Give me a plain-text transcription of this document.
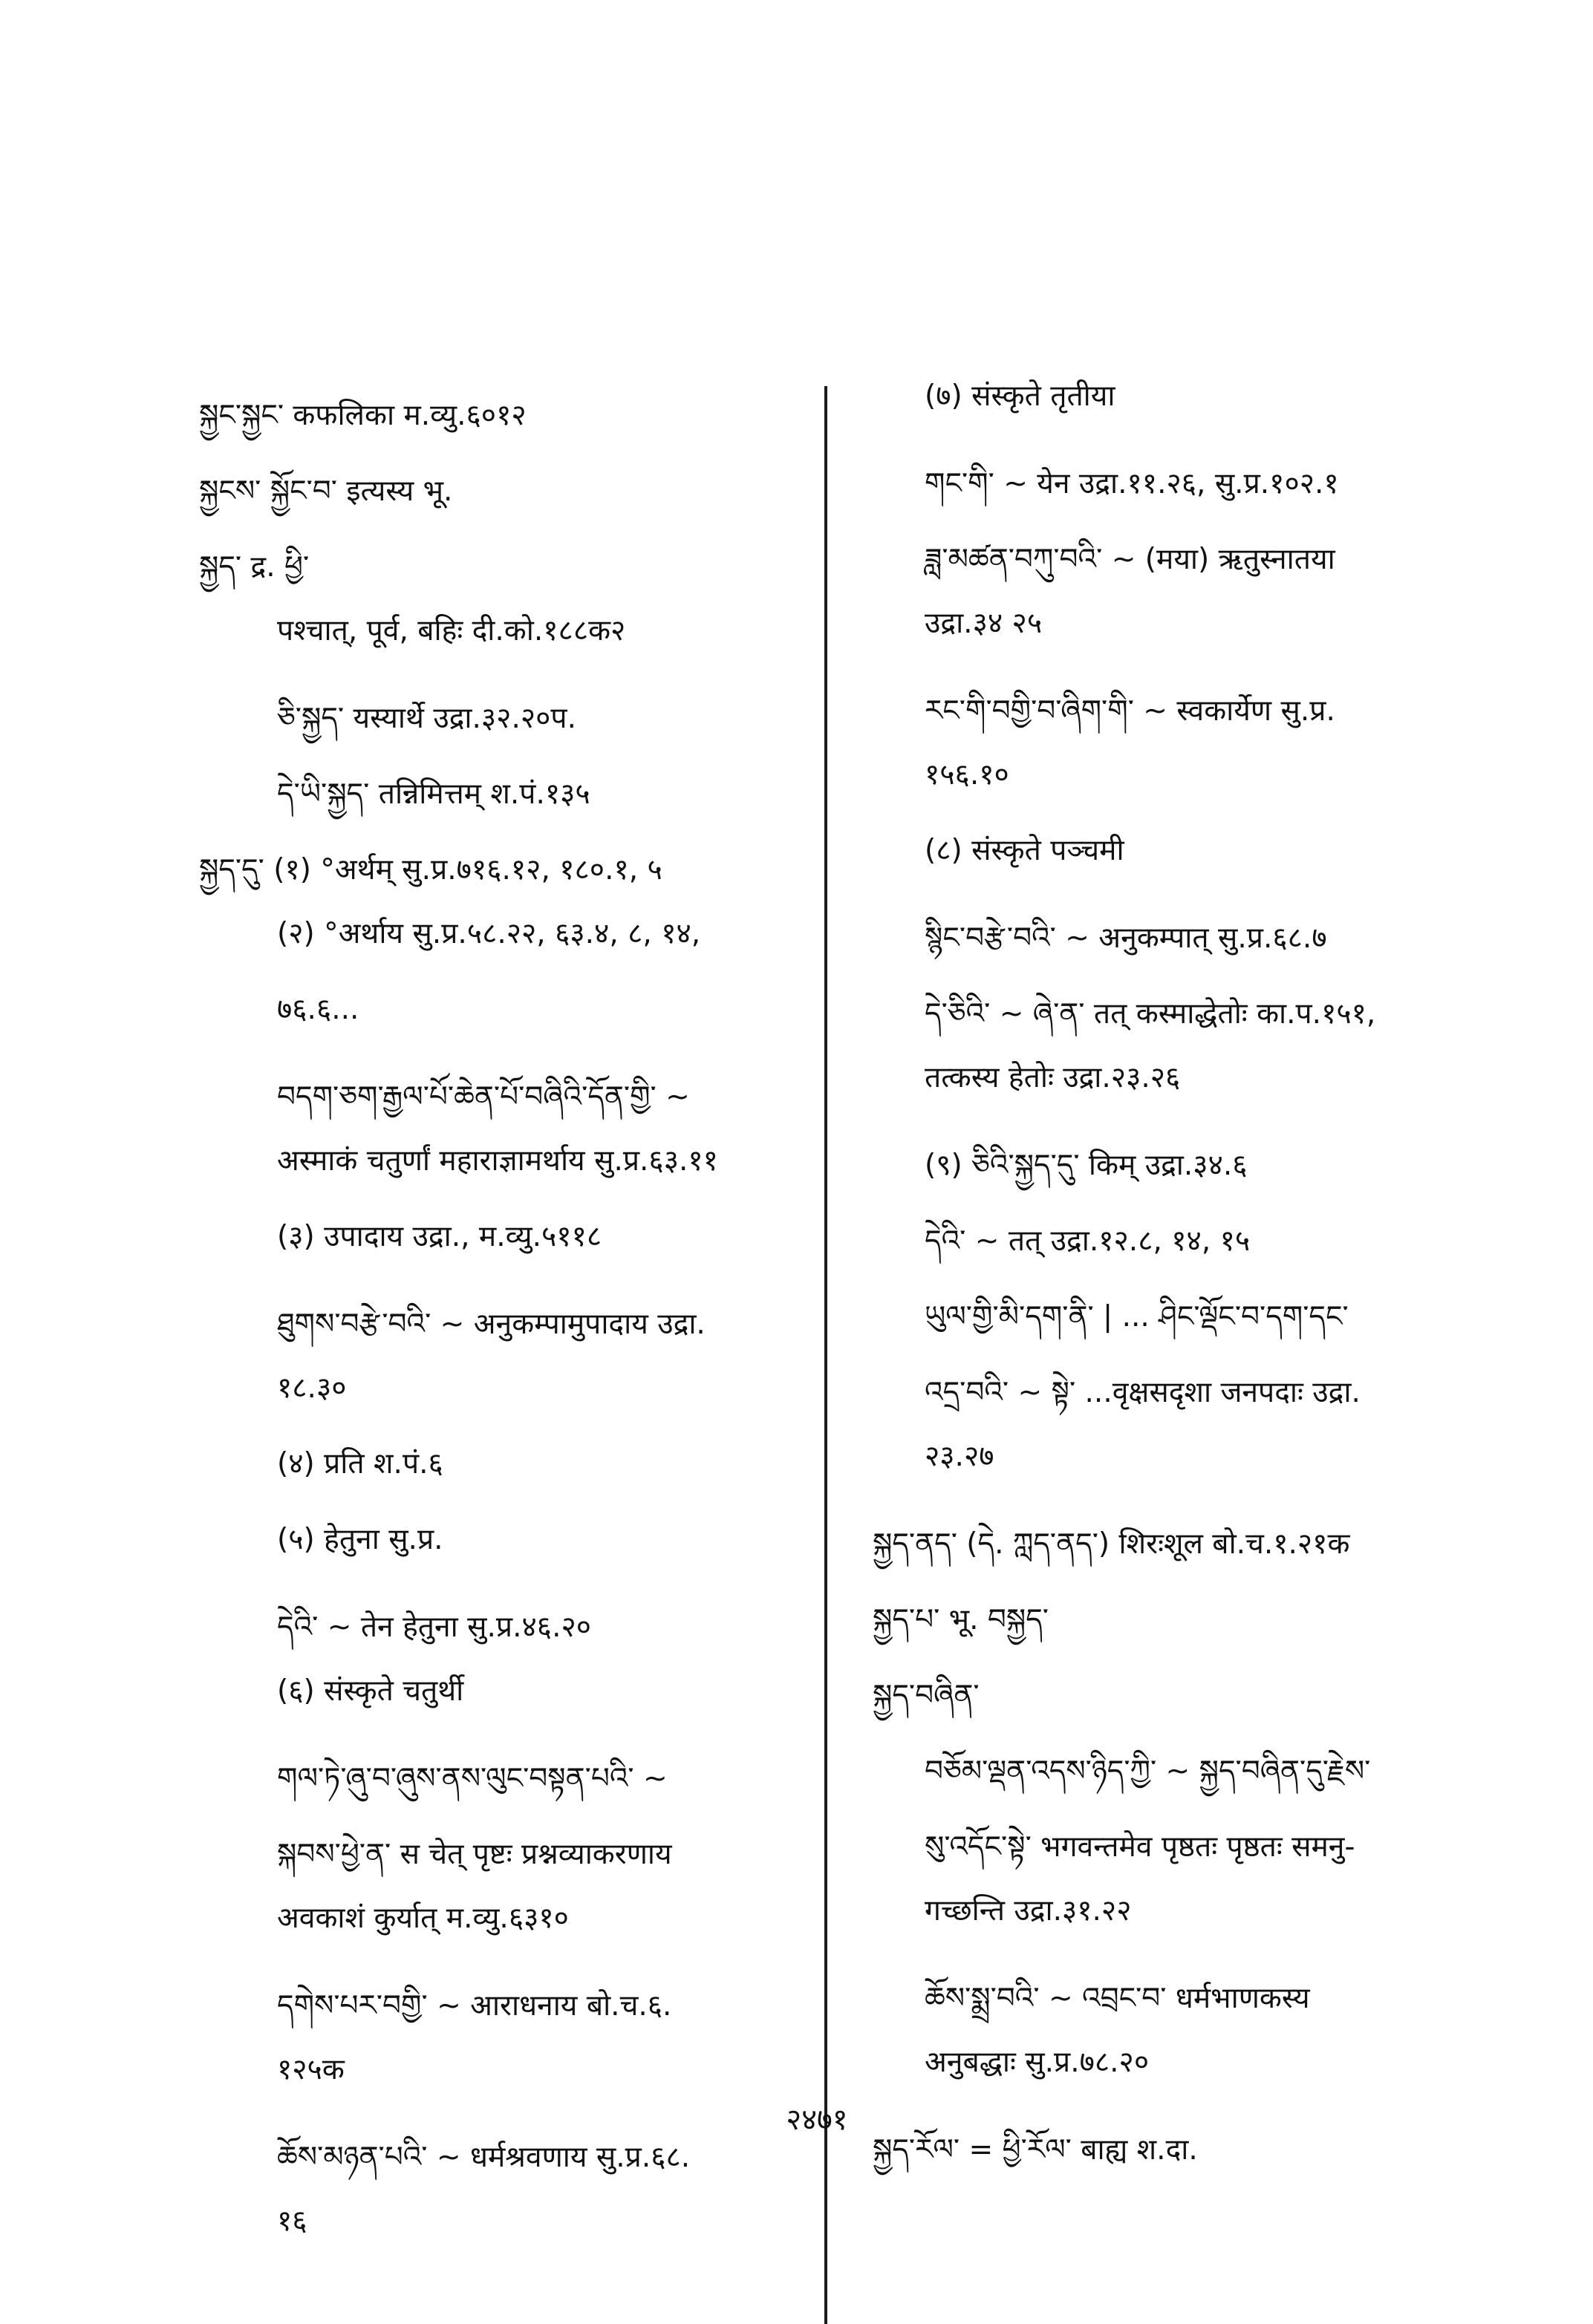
སྐྱང་སྐྱང་ कफलिका म.व्यु.६०१२
སྐྱངས་ སྐྱོང་བ་ इत्यस्य भू.
སྐྱད་ द्र. ཕྱི་
पश्चात्, पूर्व, बहिः दी.को.१८८क२
ཅི་སྐྱད་ यस्यार्थे उद्रा.३२.२०प.
དེ་ཡི་སྐྱད་ तन्निमित्तम् श.पं.१३५
སྐྱད་དུ་ (१) °अर्थम् सु.प्र.७१६.१२, १८०.१, ५
(२) °अर्थाय सु.प्र.५८.२२, ६३.४, ८, १४,
७६.६...
བདག་ཅག་རྒྱལ་པོ་ཆེན་པོ་བཞིའི་དོན་གྱི་ ~
अस्माकं चतुर्णां महाराज्ञामर्थाय सु.प्र.६३.११
(३) उपादाय उद्रा., म.व्यु.५११८
ཐུགས་བརྩེ་བའི་ ~ अनुकम्पामुपादाय उद्रा.
१८.३०
(४) प्रति श.पं.६
(५) हेतुना सु.प्र.
དེའི་ ~ तेन हेतुना सु.प्र.४६.२०
(६) संस्कृते चतुर्थी
གལ་ཏེ་ཞུ་བ་ཞུས་ནས་ལུང་བསྟན་པའི་ ~
སྐབས་ཕྱེ་ན་ स चेत् पृष्टः प्रश्नव्याकरणाय
अवकाशं कुर्यात् म.व्यु.६३१०
དགེས་པར་བགྱི་ ~ आराधनाय बो.च.६.
१२५क
ཆོས་མཉན་པའི་ ~ धर्मश्रवणाय सु.प्र.६८.
१६
(७) संस्कृते तृतीया
གང་གི་ ~ येन उद्रा.११.२६, सु.प्र.१०२.१
ཟླ་མཚན་བཀུ་བའི་ ~ (मया) ऋतुस्नातया
उद्रा.३४ २५
རང་གི་བགྱི་བ་ཞིག་གི་ ~ स्वकार्येण सु.प्र.
१५६.१०
(८) संस्कृते पञ्चमी
སྙིང་བརྩེ་བའི་ ~ अनुकम्पात् सु.प्र.६८.७
དེ་ཅིའི་ ~ ཞེ་ན་ तत् कस्माद्धेतोः का.प.१५१,
तत्कस्य हेतोः उद्रा.२३.२६
(९) ཅིའི་སྐྱད་དུ་ किम् उद्रा.३४.६
དེའི་ ~ तत् उद्रा.१२.८, १४, १५
ཡུལ་གྱི་མི་དག་ནི་ | ... ཤིང་ལྡོང་བ་དག་དང་
འདྲ་བའི་ ~ སྟེ་ ...वृक्षसदृशा जनपदाः उद्रा.
२३.२७
སྐྱད་ནད་ (དེ. ཀླད་ནད་) शिरःशूल बो.च.१.२१क
སྐྱད་པ་ भू. བསྐྱད་
སྐྱད་བཞིན་
བཅོམ་ལྡན་འདས་ཉིད་ཀྱི་ ~ སྐྱད་བཞིན་དུ་རྗེས་
སུ་འདོང་སྟེ་ भगवन्तमेव पृष्ठतः पृष्ठतः समनु-
गच्छन्ति उद्रा.३१.२२
ཆོས་སྨྲ་བའི་ ~ འབྲང་བ་ धर्मभाणकस्य
अनुबद्धाः सु.प्र.७८.२०
སྐྱད་རོལ་ = ཕྱི་རོལ་ बाह्य श.दा.
२४७१
